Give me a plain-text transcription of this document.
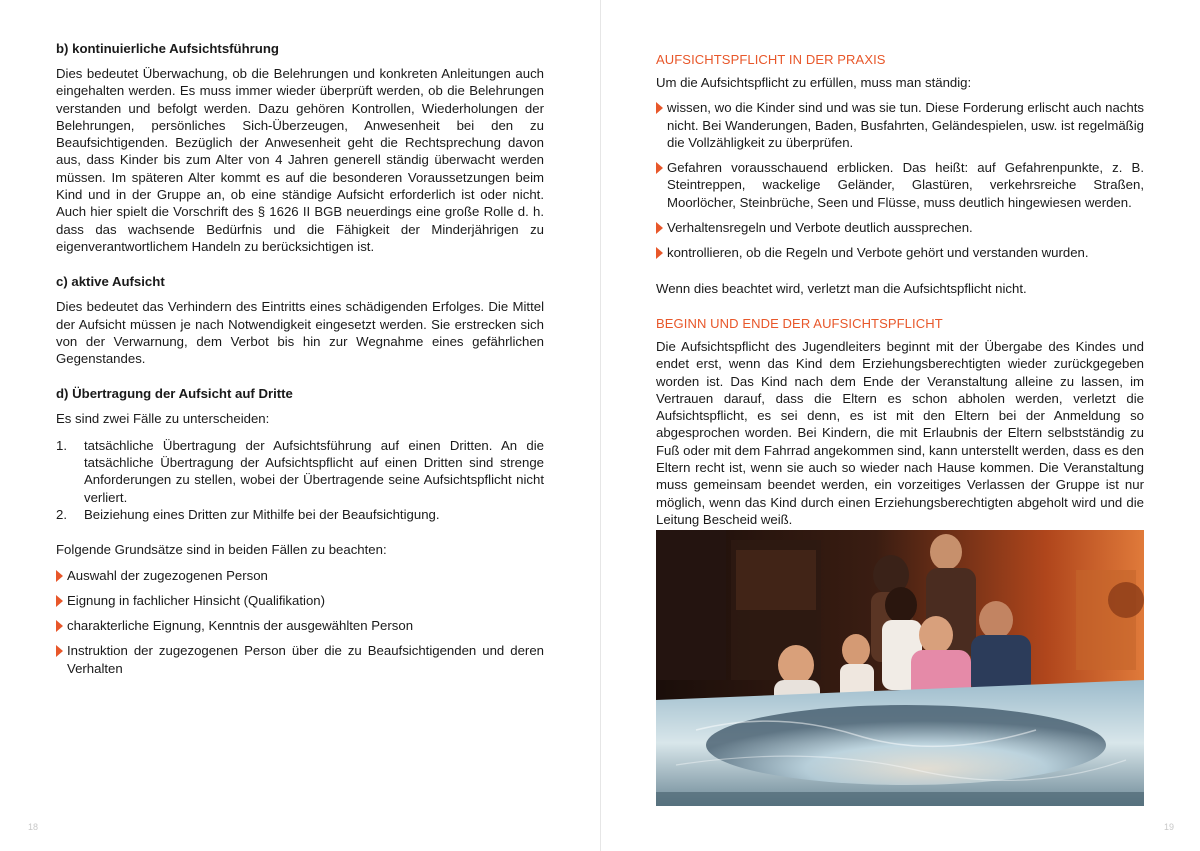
b) kontinuierliche Aufsichtsführung

Dies bedeutet Überwachung, ob die Belehrungen und konkreten Anleitungen auch eingehalten werden. Es muss immer wieder überprüft werden, ob die Belehrungen verstanden und befolgt werden. Dazu gehören Kontrollen, Wiederholungen der Belehrungen, persönliches Sich-Überzeugen, Anwesenheit bei den zu Beaufsichtigenden. Bezüglich der Anwesenheit geht die Rechtsprechung davon aus, dass Kinder bis zum Alter von 4 Jahren generell ständig überwacht werden müssen. Im späteren Alter kommt es auf die besonderen Voraussetzungen beim Kind und in der Gruppe an, ob eine ständige Aufsicht erforderlich ist oder nicht. Auch hier spielt die Vorschrift des § 1626 II BGB neuerdings eine große Rolle d. h. dass das wachsende Bedürfnis und die Fähigkeit der Minderjährigen zu eigenverantwortlichem Handeln zu berücksichtigen ist.

c) aktive Aufsicht

Dies bedeutet das Verhindern des Eintritts eines schädigenden Erfolges. Die Mittel der Aufsicht müssen je nach Notwendigkeit eingesetzt werden. Sie erstrecken sich von der Verwarnung, dem Verbot bis hin zur Wegnahme eines gefährlichen Gegenstandes.

d) Übertragung der Aufsicht auf Dritte

Es sind zwei Fälle zu unterscheiden:

1. tatsächliche Übertragung der Aufsichtsführung auf einen Dritten. An die tatsächliche Übertragung der Aufsichtspflicht auf einen Dritten sind strenge Anforderungen zu stellen, wobei der Übertragende seine Aufsichtspflicht nicht verliert.
2. Beiziehung eines Dritten zur Mithilfe bei der Beaufsichtigung.

Folgende Grundsätze sind in beiden Fällen zu beachten:

Auswahl der zugezogenen Person
Eignung in fachlicher Hinsicht (Qualifikation)
charakterliche Eignung, Kenntnis der ausgewählten Person
Instruktion der zugezogenen Person über die zu Beaufsichtigenden und deren Verhalten
AUFSICHTSPFLICHT IN DER PRAXIS

Um die Aufsichtspflicht zu erfüllen, muss man ständig:

wissen, wo die Kinder sind und was sie tun. Diese Forderung erlischt auch nachts nicht. Bei Wanderungen, Baden, Busfahrten, Geländespielen, usw. ist regelmäßig die Vollzähligkeit zu überprüfen.
Gefahren vorausschauend erblicken. Das heißt: auf Gefahrenpunkte, z. B. Steintreppen, wackelige Geländer, Glastüren, verkehrsreiche Straßen, Moorlöcher, Steinbrüche, Seen und Flüsse, muss deutlich hingewiesen werden.
Verhaltensregeln und Verbote deutlich aussprechen.
kontrollieren, ob die Regeln und Verbote gehört und verstanden wurden.

Wenn dies beachtet wird, verletzt man die Aufsichtspflicht nicht.

BEGINN UND ENDE DER AUFSICHTSPFLICHT

Die Aufsichtspflicht des Jugendleiters beginnt mit der Übergabe des Kindes und endet erst, wenn das Kind dem Erziehungsberechtigten wieder zurückgegeben worden ist. Das Kind nach dem Ende der Veranstaltung alleine zu lassen, im Vertrauen darauf, dass die Eltern es schon abholen werden, verletzt die Aufsichtspflicht, es sei denn, es ist mit den Eltern bei der Anmeldung so abgesprochen worden. Bei Kindern, die mit Erlaubnis der Eltern selbstständig zu Fuß oder mit dem Fahrrad angekommen sind, kann unterstellt werden, dass es den Eltern recht ist, wenn sie auch so wieder nach Hause kommen. Die Veranstaltung muss gemeinsam beendet werden, ein vorzeitiges Verlassen der Gruppe ist nur möglich, wenn das Kind durch einen Erziehungsberechtigten abgeholt wird und die Leitung Bescheid weiß.

18	19
